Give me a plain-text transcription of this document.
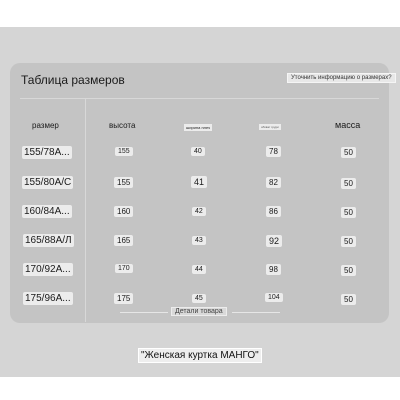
Таблица размеров	Уточнить информацию о размерах?
размер	высота	ширина плеч	обхват груди	масса
155/78A...	155	40	78	50
155/80A/C	155	41	82	50
160/84A...	160	42	86	50
165/88А/Л	165	43	92	50
170/92A...	170	44	98	50
175/96A...	175	45	104	50
Детали товара
"Женская куртка МАНГО"
